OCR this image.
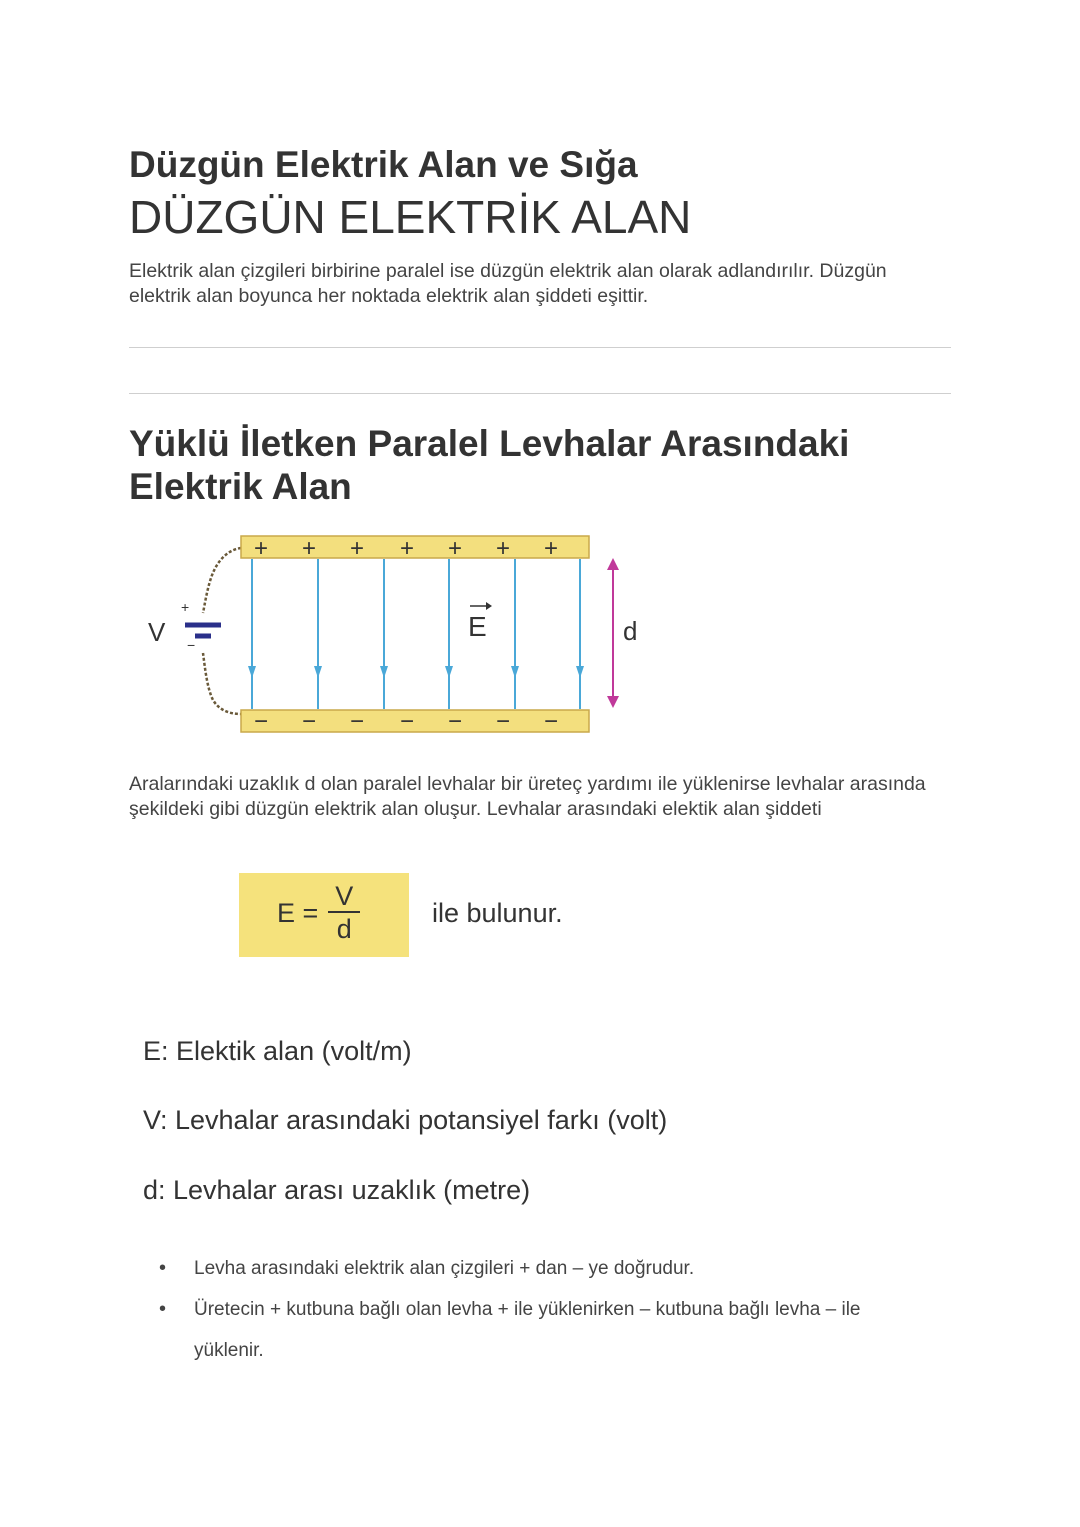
Düzgün Elektrik Alan ve Sığa
DÜZGÜN ELEKTRİK ALAN

Elektrik alan çizgileri birbirine paralel ise düzgün elektrik alan olarak adlandırılır. Düzgün elektrik alan boyunca her noktada elektrik alan şiddeti eşittir.

Yüklü İletken Paralel Levhalar Arasındaki Elektrik Alan
+
−
V
+ + + + + + +
− − − − − − −
E	d

Aralarındaki uzaklık d olan paralel levhalar bir üreteç yardımı ile yüklenirse levhalar arasında şekildeki gibi düzgün elektrik alan oluşur. Levhalar arasındaki elektik alan şiddeti

$E = \frac{V}{d}$	ile bulunur.
E: Elektik alan (volt/m)
V: Levhalar arasındaki potansiyel farkı (volt)
d: Levhalar arası uzaklık (metre)
• Levha arasındaki elektrik alan çizgileri + dan – ye doğrudur.
• Üretecin + kutbuna bağlı olan levha + ile yüklenirken – kutbuna bağlı levha – ile
yüklenir.
